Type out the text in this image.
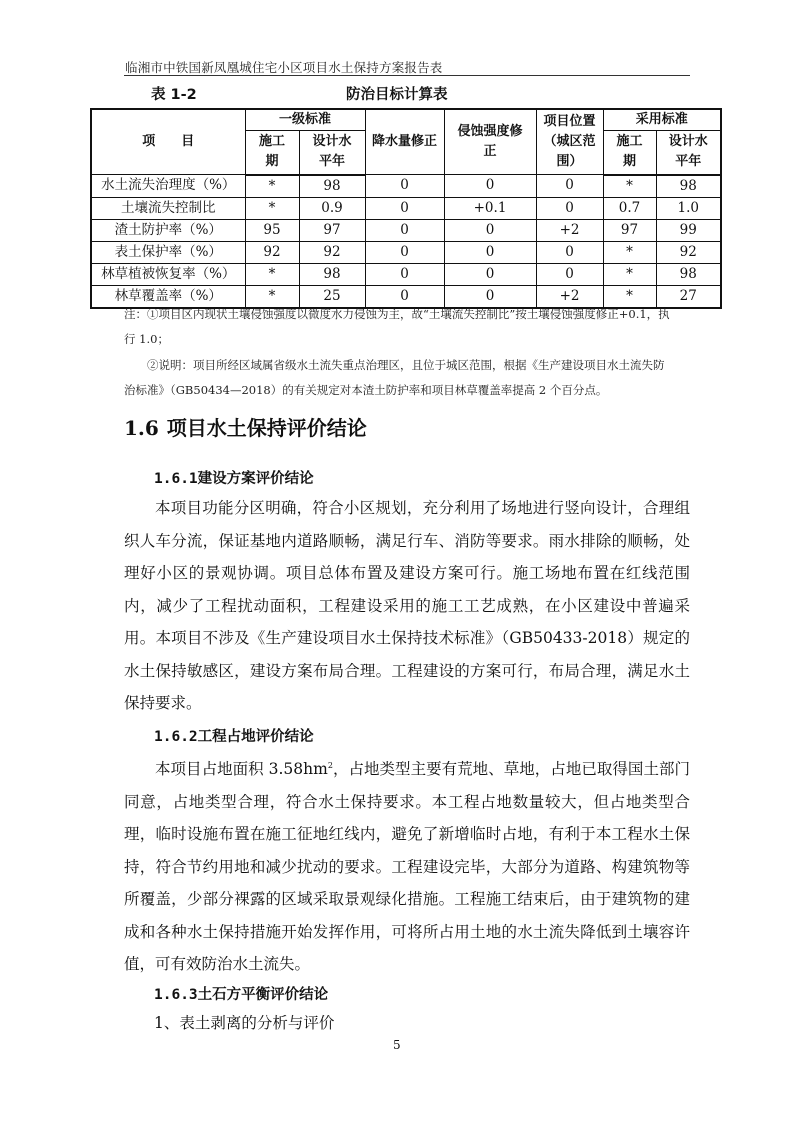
临湘市中铁国新凤凰城住宅小区项目水土保持方案报告表
表 1-2	防治目标计算表
项　　目	一级标准		降水量修正	侵蚀强度修正	项目位置（城区范围）	采用标准	
	施工期	设计水平年				施工期	设计水平年
水土流失治理度（%）	*	98	0	0	0	*	98
土壤流失控制比	*	0.9	0	+0.1	0	0.7	1.0
渣土防护率（%）	95	97	0	0	+2	97	99
表土保护率（%）	92	92	0	0	0	*	92
林草植被恢复率（%）	*	98	0	0	0	*	98
林草覆盖率（%）	*	25	0	0	+2	*	27
注：①项目区内现状土壤侵蚀强度以微度水力侵蚀为主，故“土壤流失控制比”按土壤侵蚀强度修正+0.1，执
行 1.0；
②说明：项目所经区域属省级水土流失重点治理区，且位于城区范围，根据《生产建设项目水土流失防
治标准》（GB50434—2018）的有关规定对本渣土防护率和项目林草覆盖率提高 2 个百分点。
1.6 项目水土保持评价结论
1.6.1建设方案评价结论

本项目功能分区明确，符合小区规划，充分利用了场地进行竖向设计，合理组织人车分流，保证基地内道路顺畅，满足行车、消防等要求。雨水排除的顺畅，处理好小区的景观协调。项目总体布置及建设方案可行。施工场地布置在红线范围内，减少了工程扰动面积，工程建设采用的施工工艺成熟，在小区建设中普遍采用。本项目不涉及《生产建设项目水土保持技术标准》（GB50433-2018）规定的水土保持敏感区，建设方案布局合理。工程建设的方案可行，布局合理，满足水土保持要求。

1.6.2工程占地评价结论

本项目占地面积 $3.58hm^2$，占地类型主要有荒地、草地，占地已取得国土部门同意，占地类型合理，符合水土保持要求。本工程占地数量较大，但占地类型合理，临时设施布置在施工征地红线内，避免了新增临时占地，有利于本工程水土保持，符合节约用地和减少扰动的要求。工程建设完毕，大部分为道路、构建筑物等所覆盖，少部分裸露的区域采取景观绿化措施。工程施工结束后，由于建筑物的建成和各种水土保持措施开始发挥作用，可将所占用土地的水土流失降低到土壤容许值，可有效防治水土流失。

1.6.3土石方平衡评价结论
1、表土剥离的分析与评价
5
